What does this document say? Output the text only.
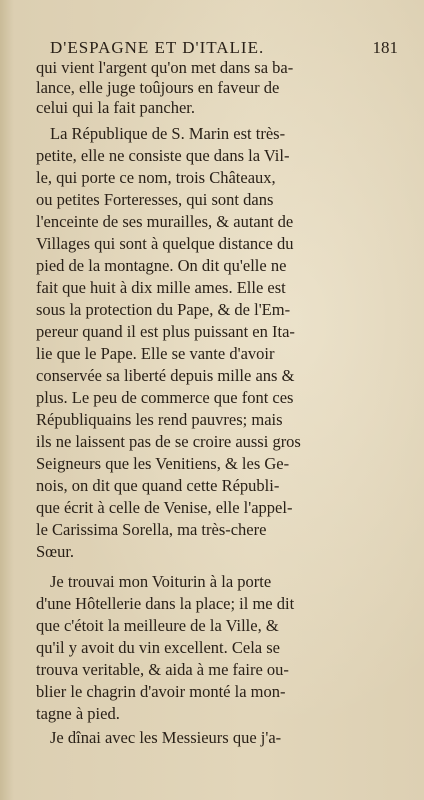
D'ESPAGNE ET D'ITALIE.	181
qui vient l'argent qu'on met dans sa ba-
lance, elle juge toûjours en faveur de
celui qui la fait pancher.
La République de S. Marin est très-
petite, elle ne consiste que dans la Vil-
le, qui porte ce nom, trois Châteaux,
ou petites Forteresses, qui sont dans
l'enceinte de ses murailles, & autant de
Villages qui sont à quelque distance du
pied de la montagne. On dit qu'elle ne
fait que huit à dix mille ames. Elle est
sous la protection du Pape, & de l'Em-
pereur quand il est plus puissant en Ita-
lie que le Pape. Elle se vante d'avoir
conservée sa liberté depuis mille ans &
plus. Le peu de commerce que font ces
Républiquains les rend pauvres; mais
ils ne laissent pas de se croire aussi gros
Seigneurs que les Venitiens, & les Ge-
nois, on dit que quand cette Républi-
que écrit à celle de Venise, elle l'appel-
le Carissima Sorella, ma très-chere
Sœur.
Je trouvai mon Voiturin à la porte
d'une Hôtellerie dans la place; il me dit
que c'étoit la meilleure de la Ville, &
qu'il y avoit du vin excellent. Cela se
trouva veritable, & aida à me faire ou-
blier le chagrin d'avoir monté la mon-
tagne à pied.
Je dînai avec les Messieurs que j'a-
